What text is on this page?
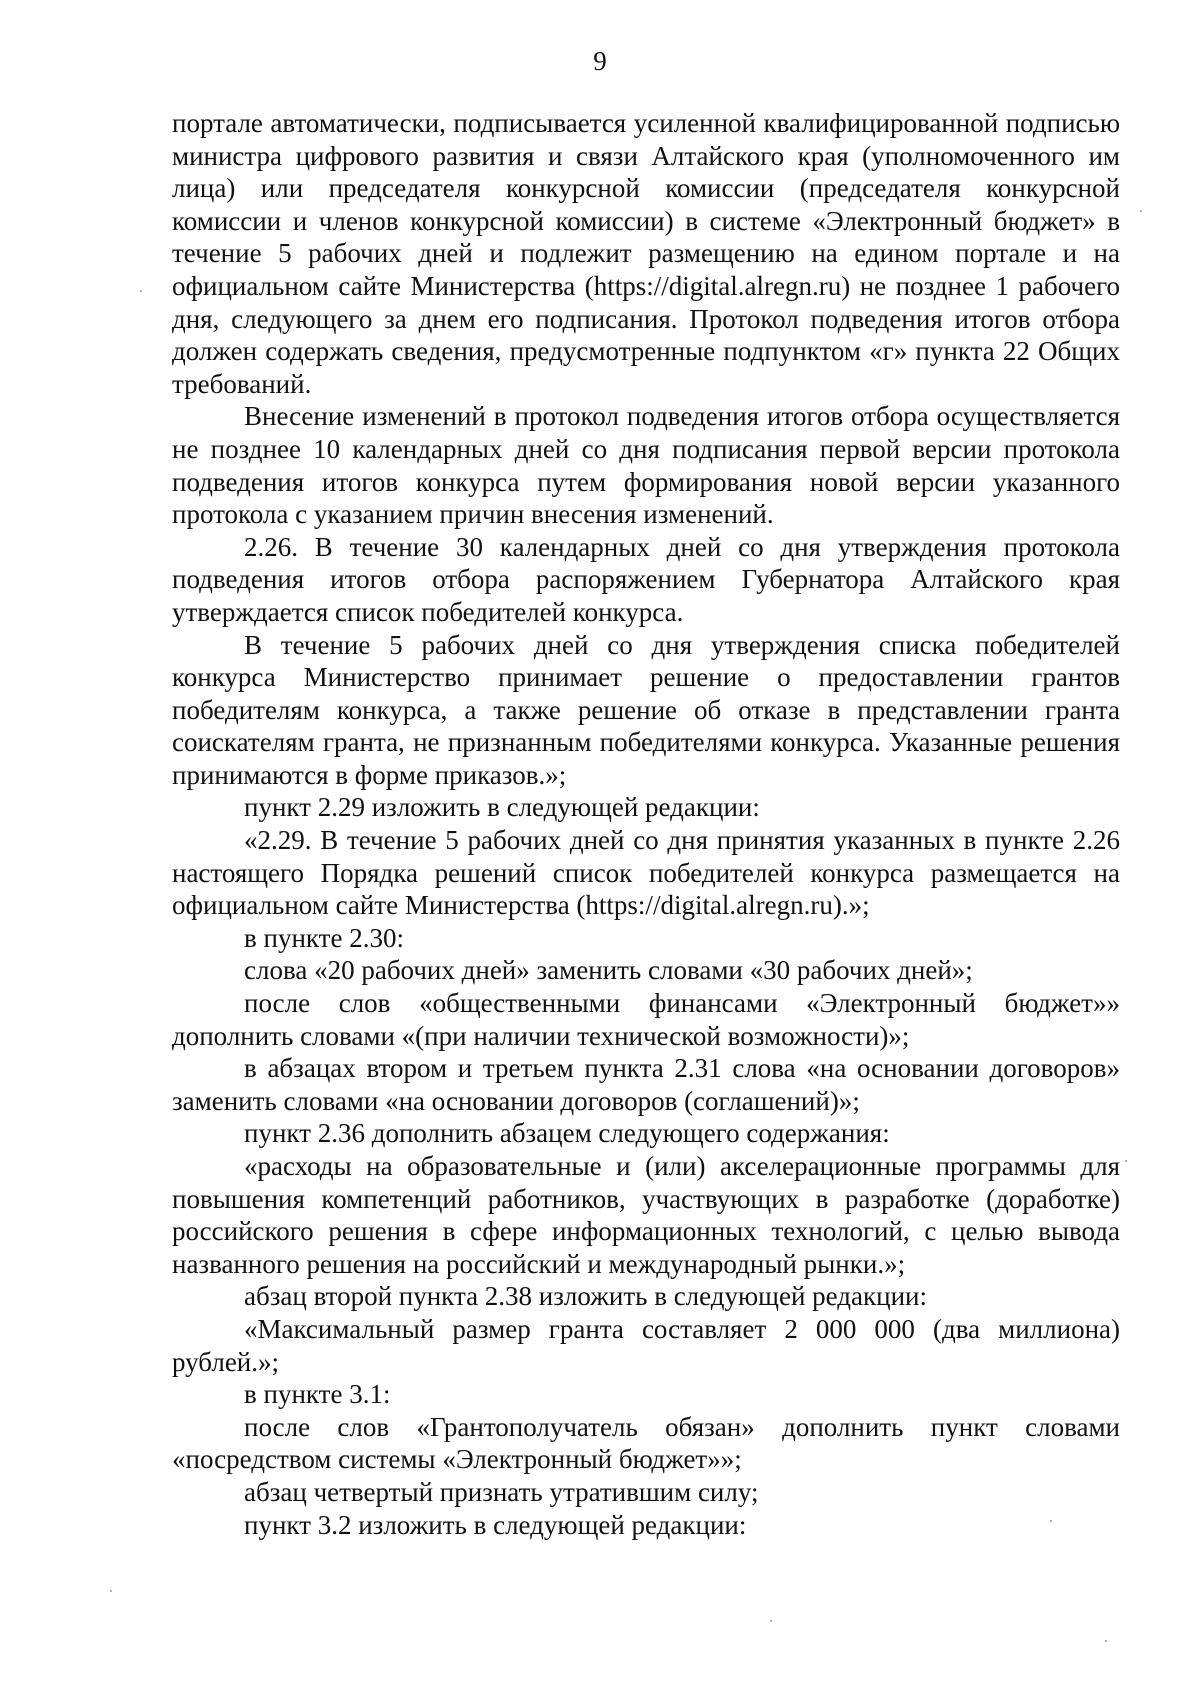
9

портале автоматически, подписывается усиленной квалифицированной подписью министра цифрового развития и связи Алтайского края (уполномоченного им лица) или председателя конкурсной комиссии (председателя конкурсной комиссии и членов конкурсной комиссии) в системе «Электронный бюджет» в течение 5 рабочих дней и подлежит размещению на едином портале и на официальном сайте Министерства (https://digital.alregn.ru) не позднее 1 рабочего дня, следующего за днем его подписания. Протокол подведения итогов отбора должен содержать сведения, предусмотренные подпунктом «г» пункта 22 Общих требований.

Внесение изменений в протокол подведения итогов отбора осуществляется не позднее 10 календарных дней со дня подписания первой версии протокола подведения итогов конкурса путем формирования новой версии указанного протокола с указанием причин внесения изменений.

2.26. В течение 30 календарных дней со дня утверждения протокола подведения итогов отбора распоряжением Губернатора Алтайского края утверждается список победителей конкурса.

В течение 5 рабочих дней со дня утверждения списка победителей конкурса Министерство принимает решение о предоставлении грантов победителям конкурса, а также решение об отказе в представлении гранта соискателям гранта, не признанным победителями конкурса. Указанные решения принимаются в форме приказов.»;

пункт 2.29 изложить в следующей редакции:

«2.29. В течение 5 рабочих дней со дня принятия указанных в пункте 2.26 настоящего Порядка решений список победителей конкурса размещается на официальном сайте Министерства (https://digital.alregn.ru).»;

в пункте 2.30:

слова «20 рабочих дней» заменить словами «30 рабочих дней»;

после слов «общественными финансами «Электронный бюджет»» дополнить словами «(при наличии технической возможности)»;

в абзацах втором и третьем пункта 2.31 слова «на основании договоров» заменить словами «на основании договоров (соглашений)»;

пункт 2.36 дополнить абзацем следующего содержания:

«расходы на образовательные и (или) акселерационные программы для повышения компетенций работников, участвующих в разработке (доработке) российского решения в сфере информационных технологий, с целью вывода названного решения на российский и международный рынки.»;

абзац второй пункта 2.38 изложить в следующей редакции:

«Максимальный размер гранта составляет 2 000 000 (два миллиона) рублей.»;

в пункте 3.1:

после слов «Грантополучатель обязан» дополнить пункт словами «посредством системы «Электронный бюджет»»;

абзац четвертый признать утратившим силу;

пункт 3.2 изложить в следующей редакции:
